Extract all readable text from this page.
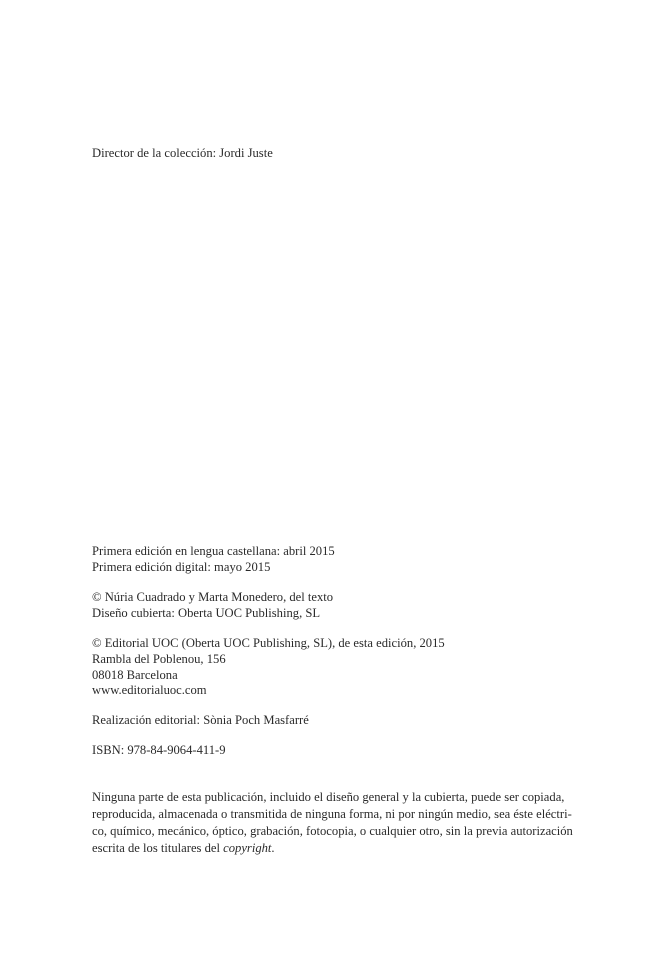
Director de la colección: Jordi Juste
Primera edición en lengua castellana: abril 2015
Primera edición digital: mayo 2015
© Núria Cuadrado y Marta Monedero, del texto
Diseño cubierta: Oberta UOC Publishing, SL
© Editorial UOC (Oberta UOC Publishing, SL), de esta edición, 2015
Rambla del Poblenou, 156
08018 Barcelona
www.editorialuoc.com
Realización editorial: Sònia Poch Masfarré
ISBN: 978-84-9064-411-9
Ninguna parte de esta publicación, incluido el diseño general y la cubierta, puede ser copiada,
reproducida, almacenada o transmitida de ninguna forma, ni por ningún medio, sea éste eléctri-
co, químico, mecánico, óptico, grabación, fotocopia, o cualquier otro, sin la previa autorización
escrita de los titulares del copyright.
